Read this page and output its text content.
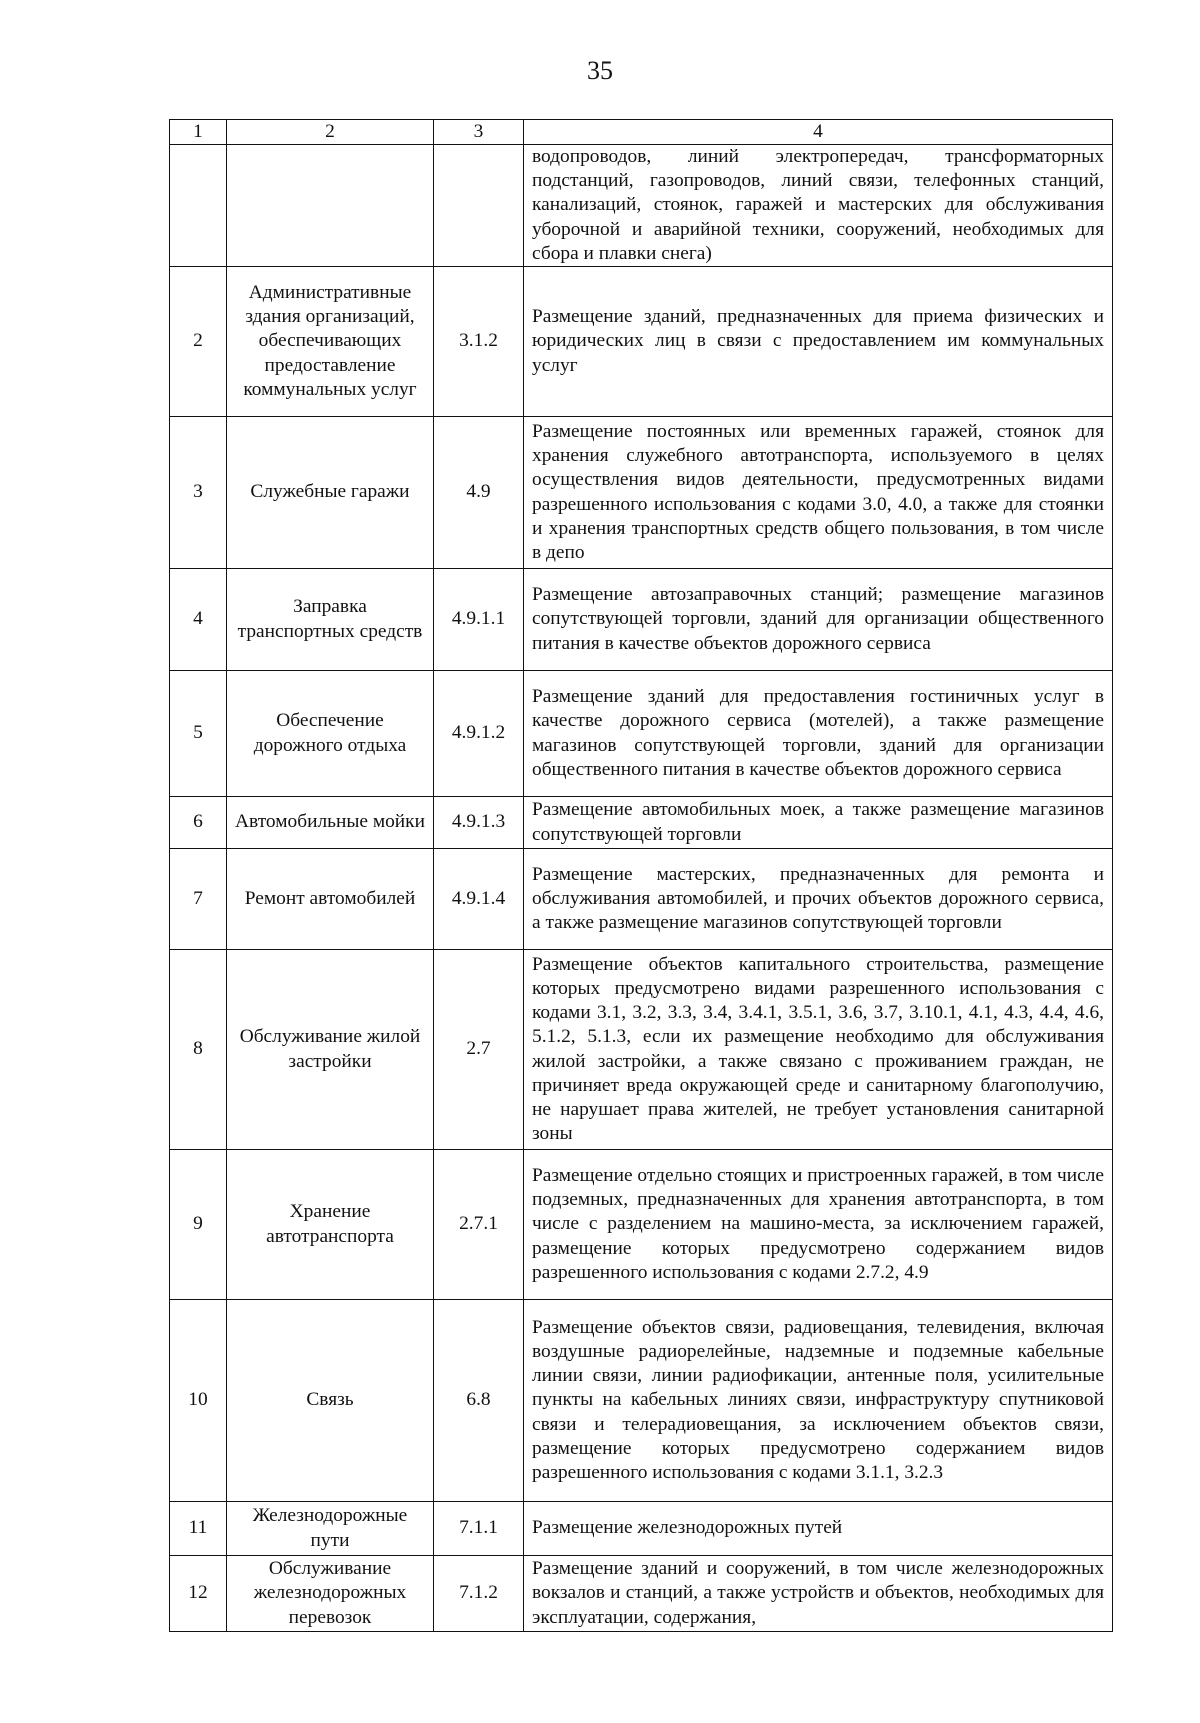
35
1	2	3	4
			водопроводов, линий электропередач, трансформаторных подстанций, газопроводов, линий связи, телефонных станций, канализаций, стоянок, гаражей и мастерских для обслуживания уборочной и аварийной техники, сооружений, необходимых для сбора и плавки снега)
2	Административные здания организаций, обеспечивающих предоставление коммунальных услуг	3.1.2	Размещение зданий, предназначенных для приема физических и юридических лиц в связи с предоставлением им коммунальных услуг
3	Служебные гаражи	4.9	Размещение постоянных или временных гаражей, стоянок для хранения служебного автотранспорта, используемого в целях осуществления видов деятельности, предусмотренных видами разрешенного использования с кодами 3.0, 4.0, а также для стоянки и хранения транспортных средств общего пользования, в том числе в депо
4	Заправка транспортных средств	4.9.1.1	Размещение автозаправочных станций; размещение магазинов сопутствующей торговли, зданий для организации общественного питания в качестве объектов дорожного сервиса
5	Обеспечение дорожного отдыха	4.9.1.2	Размещение зданий для предоставления гостиничных услуг в качестве дорожного сервиса (мотелей), а также размещение магазинов сопутствующей торговли, зданий для организации общественного питания в качестве объектов дорожного сервиса
6	Автомобильные мойки	4.9.1.3	Размещение автомобильных моек, а также размещение магазинов сопутствующей торговли
7	Ремонт автомобилей	4.9.1.4	Размещение мастерских, предназначенных для ремонта и обслуживания автомобилей, и прочих объектов дорожного сервиса, а также размещение магазинов сопутствующей торговли
8	Обслуживание жилой застройки	2.7	Размещение объектов капитального строительства, размещение которых предусмотрено видами разрешенного использования с кодами 3.1, 3.2, 3.3, 3.4, 3.4.1, 3.5.1, 3.6, 3.7, 3.10.1, 4.1, 4.3, 4.4, 4.6, 5.1.2, 5.1.3, если их размещение необходимо для обслуживания жилой застройки, а также связано с проживанием граждан, не причиняет вреда окружающей среде и санитарному благополучию, не нарушает права жителей, не требует установления санитарной зоны
9	Хранение автотранспорта	2.7.1	Размещение отдельно стоящих и пристроенных гаражей, в том числе подземных, предназначенных для хранения автотранспорта, в том числе с разделением на машино-места, за исключением гаражей, размещение которых предусмотрено содержанием видов разрешенного использования с кодами 2.7.2, 4.9
10	Связь	6.8	Размещение объектов связи, радиовещания, телевидения, включая воздушные радиорелейные, надземные и подземные кабельные линии связи, линии радиофикации, антенные поля, усилительные пункты на кабельных линиях связи, инфраструктуру спутниковой связи и телерадиовещания, за исключением объектов связи, размещение которых предусмотрено содержанием видов разрешенного использования с кодами 3.1.1, 3.2.3
11	Железнодорожные пути	7.1.1	Размещение железнодорожных путей
12	Обслуживание железнодорожных перевозок	7.1.2	Размещение зданий и сооружений, в том числе железнодорожных вокзалов и станций, а также устройств и объектов, необходимых для эксплуатации, содержания,
